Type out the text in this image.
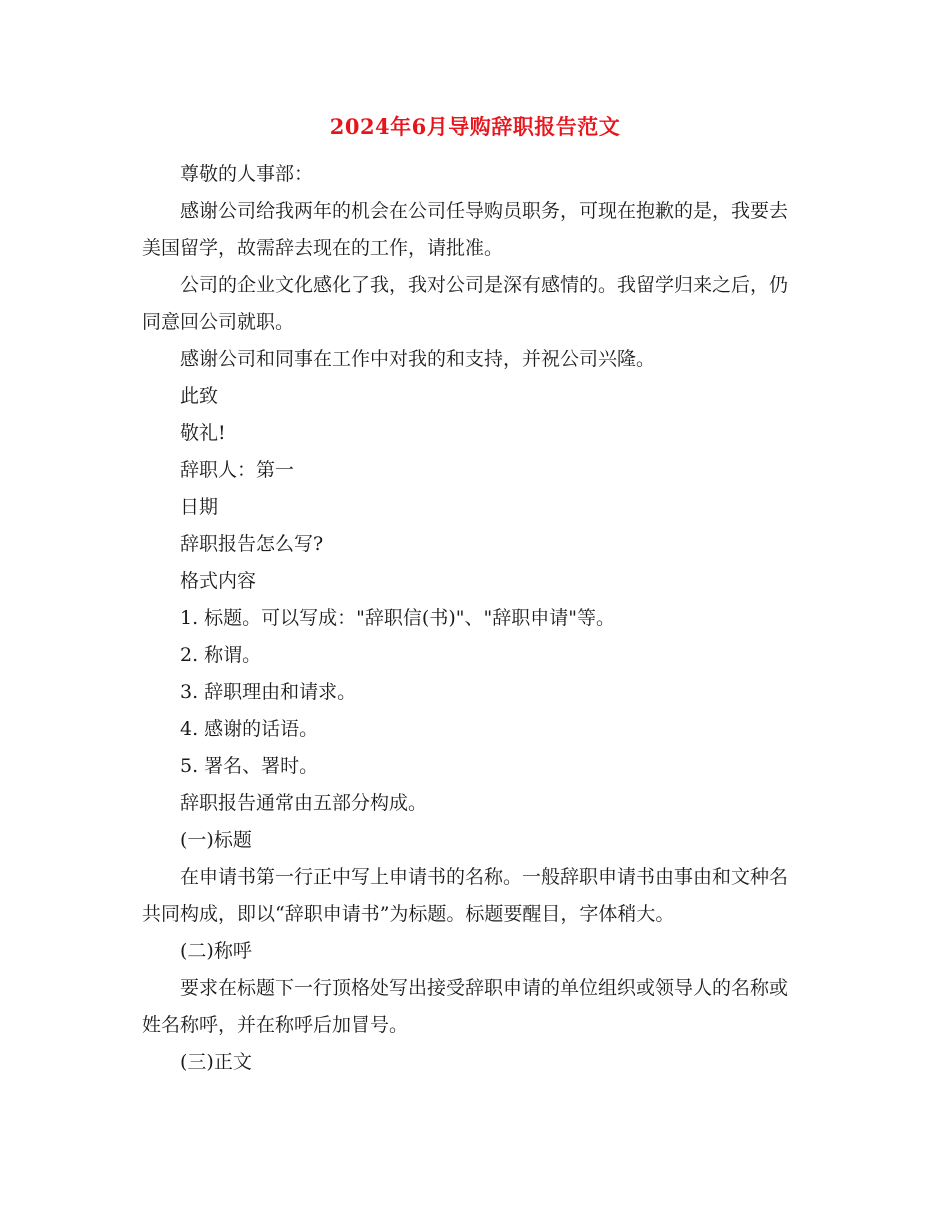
2024年6月导购辞职报告范文

尊敬的人事部：

感谢公司给我两年的机会在公司任导购员职务，可现在抱歉的是，我要去美国留学，故需辞去现在的工作，请批准。

公司的企业文化感化了我，我对公司是深有感情的。我留学归来之后，仍同意回公司就职。

感谢公司和同事在工作中对我的和支持，并祝公司兴隆。

此致

敬礼!

辞职人：第一

日期

辞职报告怎么写?

格式内容

1. 标题。可以写成："辞职信(书)"、"辞职申请"等。

2. 称谓。

3. 辞职理由和请求。

4. 感谢的话语。

5. 署名、署时。

辞职报告通常由五部分构成。

(一)标题

在申请书第一行正中写上申请书的名称。一般辞职申请书由事由和文种名共同构成，即以“辞职申请书”为标题。标题要醒目，字体稍大。

(二)称呼

要求在标题下一行顶格处写出接受辞职申请的单位组织或领导人的名称或姓名称呼，并在称呼后加冒号。

(三)正文
